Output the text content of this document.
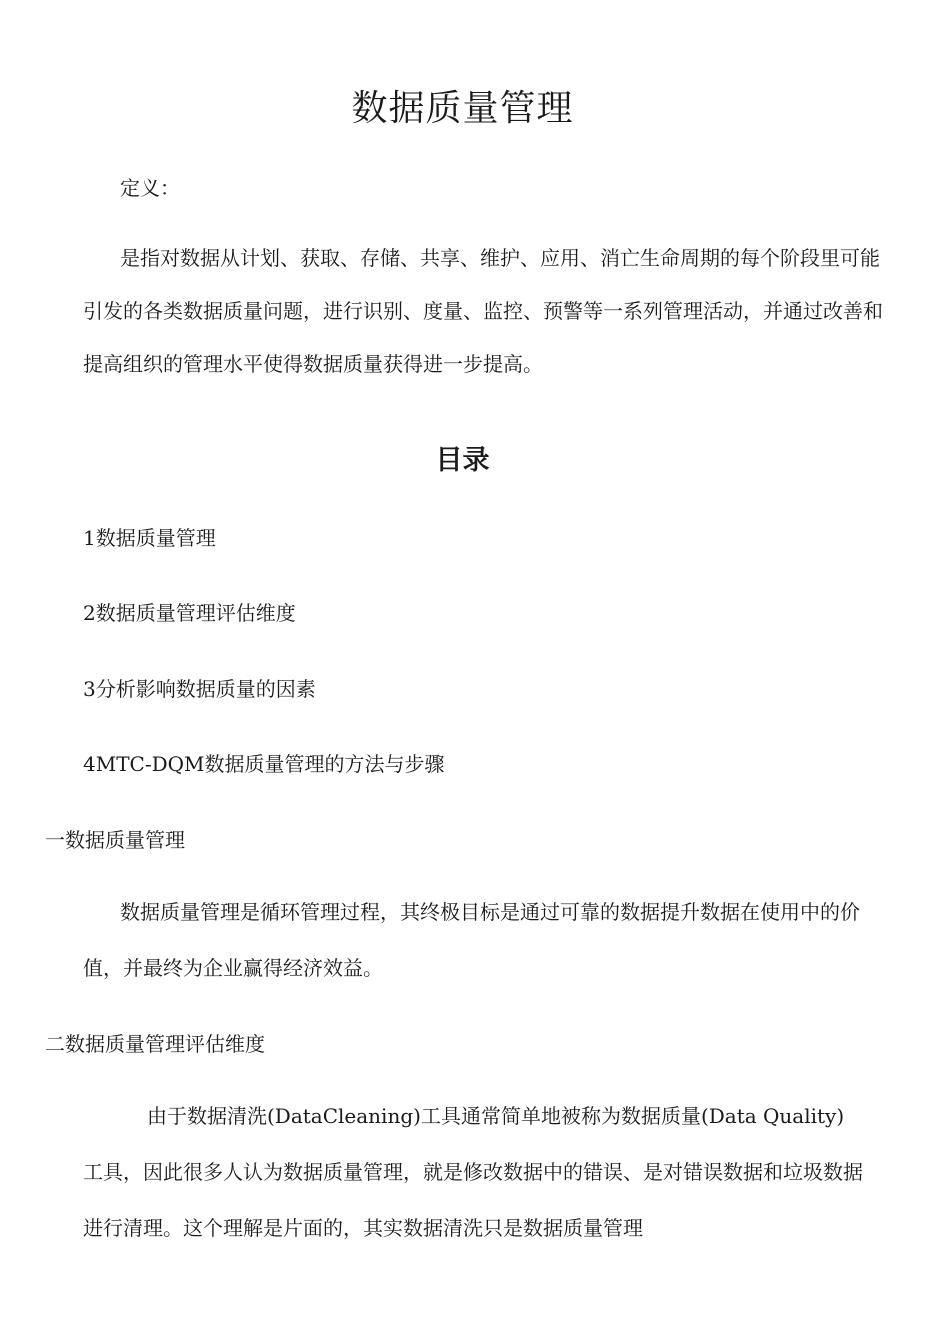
数据质量管理
定义：

是指对数据从计划、获取、存储、共享、维护、应用、消亡生命周期的每个阶段里可能引发的各类数据质量问题，进行识别、度量、监控、预警等一系列管理活动，并通过改善和提高组织的管理水平使得数据质量获得进一步提高。

目录
1数据质量管理
2数据质量管理评估维度
3分析影响数据质量的因素
4MTC-DQM数据质量管理的方法与步骤
一数据质量管理

数据质量管理是循环管理过程，其终极目标是通过可靠的数据提升数据在使用中的价值，并最终为企业赢得经济效益。

二数据质量管理评估维度

由于数据清洗(DataCleaning)工具通常简单地被称为数据质量(Data Quality)工具，因此很多人认为数据质量管理，就是修改数据中的错误、是对错误数据和垃圾数据进行清理。这个理解是片面的，其实数据清洗只是数据质量管理
